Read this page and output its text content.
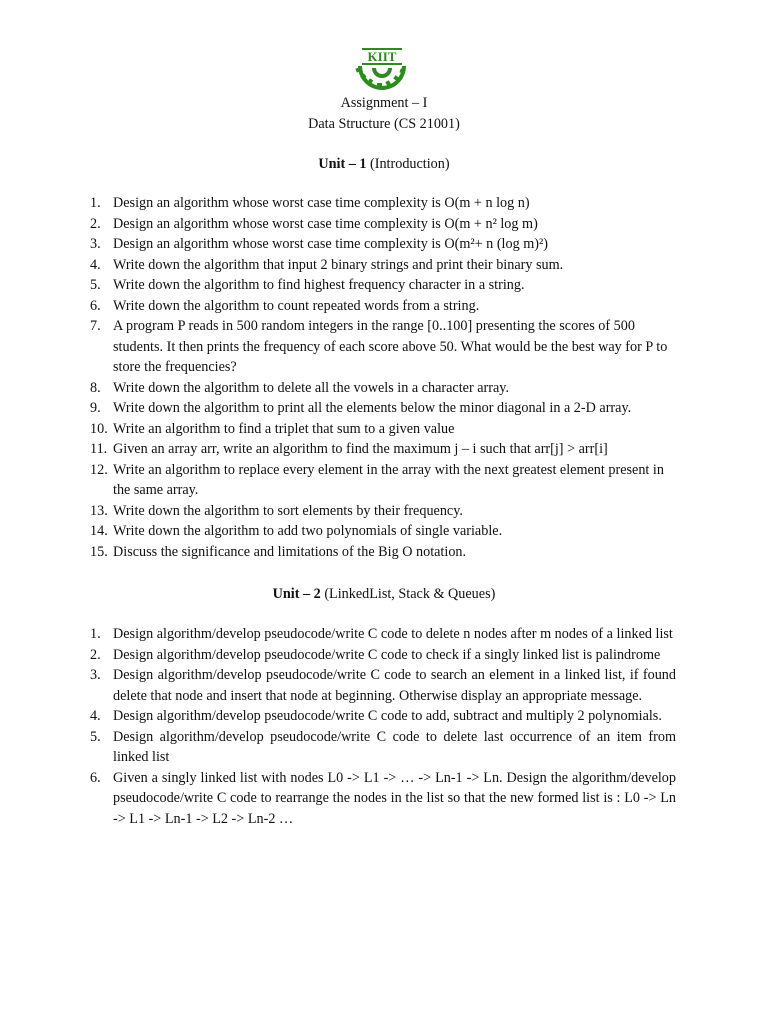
KIIT
Assignment – I
Data Structure (CS 21001)
Unit – 1 (Introduction)
1. Design an algorithm whose worst case time complexity is O(m + n log n)
2. Design an algorithm whose worst case time complexity is O(m + n² log m)
3. Design an algorithm whose worst case time complexity is O(m²+ n (log m)²)
4. Write down the algorithm that input 2 binary strings and print their binary sum.
5. Write down the algorithm to find highest frequency character in a string.
6. Write down the algorithm to count repeated words from a string.
7. A program P reads in 500 random integers in the range [0..100] presenting the scores of 500 students. It then prints the frequency of each score above 50. What would be the best way for P to store the frequencies?
8. Write down the algorithm to delete all the vowels in a character array.
9. Write down the algorithm to print all the elements below the minor diagonal in a 2-D array.
10. Write an algorithm to find a triplet that sum to a given value
11. Given an array arr, write an algorithm to find the maximum j – i such that arr[j] > arr[i]
12. Write an algorithm to replace every element in the array with the next greatest element present in the same array.
13. Write down the algorithm to sort elements by their frequency.
14. Write down the algorithm to add two polynomials of single variable.
15. Discuss the significance and limitations of the Big O notation.
Unit – 2 (LinkedList, Stack & Queues)
1. Design algorithm/develop pseudocode/write C code to delete n nodes after m nodes of a linked list
2. Design algorithm/develop pseudocode/write C code to check if a singly linked list is palindrome
3. Design algorithm/develop pseudocode/write C code to search an element in a linked list, if found delete that node and insert that node at beginning. Otherwise display an appropriate message.
4. Design algorithm/develop pseudocode/write C code to add, subtract and multiply 2 polynomials.
5. Design algorithm/develop pseudocode/write C code to delete last occurrence of an item from linked list
6. Given a singly linked list with nodes L0 -> L1 -> … -> Ln-1 -> Ln. Design the algorithm/develop pseudocode/write C code to rearrange the nodes in the list so that the new formed list is : L0 -> Ln -> L1 -> Ln-1 -> L2 -> Ln-2 …
